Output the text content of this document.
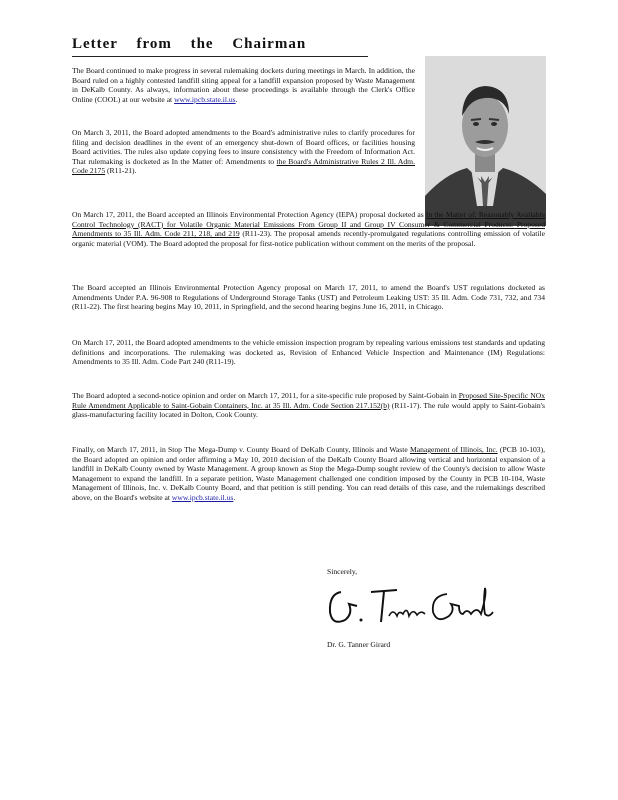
Letter from the Chairman

The Board continued to make progress in several rulemaking dockets during meetings in March. In addition, the Board ruled on a highly contested landfill siting appeal for a landfill expansion proposed by Waste Management in DeKalb County. As always, information about these proceedings is available through the Clerk's Office Online (COOL) at our website at www.ipcb.state.il.us.

On March 3, 2011, the Board adopted amendments to the Board's administrative rules to clarify procedures for filing and decision deadlines in the event of an emergency shut-down of Board offices, or facilities housing Board activities. The rules also update copying fees to insure consistency with the Freedom of Information Act. That rulemaking is docketed as In the Matter of: Amendments to the Board's Administrative Rules 2 Ill. Adm. Code 2175 (R11-21).

On March 17, 2011, the Board accepted an Illinois Environmental Protection Agency (IEPA) proposal docketed as In the Matter of: Reasonably Available Control Technology (RACT) for Volatile Organic Material Emissions From Group II and Group IV Consumer & Commercial Products: Proposed Amendments to 35 Ill. Adm. Code 211, 218, and 219 (R11-23). The proposal amends recently-promulgated regulations controlling emission of volatile organic material (VOM). The Board adopted the proposal for first-notice publication without comment on the merits of the proposal.

The Board accepted an Illinois Environmental Protection Agency proposal on March 17, 2011, to amend the Board's UST regulations docketed as Amendments Under P.A. 96-908 to Regulations of Underground Storage Tanks (UST) and Petroleum Leaking UST: 35 Ill. Adm. Code 731, 732, and 734 (R11-22). The first hearing begins May 10, 2011, in Springfield, and the second hearing begins June 16, 2011, in Chicago.

On March 17, 2011, the Board adopted amendments to the vehicle emission inspection program by repealing various emissions test standards and updating definitions and incorporations. The rulemaking was docketed as, Revision of Enhanced Vehicle Inspection and Maintenance (IM) Regulations: Amendments to 35 Ill. Adm. Code Part 240 (R11-19).

The Board adopted a second-notice opinion and order on March 17, 2011, for a site-specific rule proposed by Saint-Gobain in Proposed Site-Specific NOx Rule Amendment Applicable to Saint-Gobain Containers, Inc. at 35 Ill. Adm. Code Section 217.152(b) (R11-17). The rule would apply to Saint-Gobain's glass-manufacturing facility located in Dolton, Cook County.

Finally, on March 17, 2011, in Stop The Mega-Dump v. County Board of DeKalb County, Illinois and Waste Management of Illinois, Inc. (PCB 10-103), the Board adopted an opinion and order affirming a May 10, 2010 decision of the DeKalb County Board allowing vertical and horizontal expansion of a landfill in DeKalb County owned by Waste Management. A group known as Stop the Mega-Dump sought review of the County's decision to allow Waste Management to expand the landfill. In a separate petition, Waste Management challenged one condition imposed by the County in PCB 10-104, Waste Management of Illinois, Inc. v. DeKalb County Board, and that petition is still pending. You can read details of this case, and the rulemakings described above, on the Board's website at www.ipcb.state.il.us.

Sincerely,
Dr. G. Tanner Girard
